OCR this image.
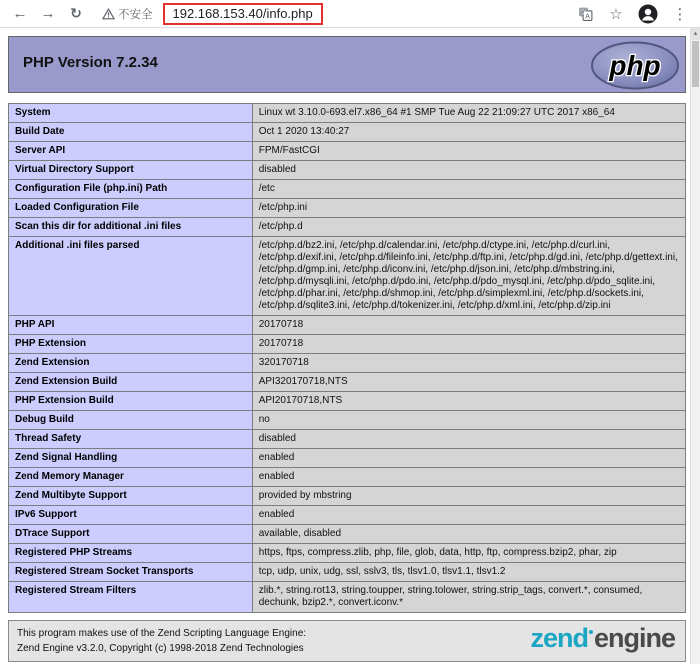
← →	↻	不安全	192.168.153.40/info.php	A
文	☆	⋮
▲
PHP Version 7.2.34	php
System	Linux wt 3.10.0-693.el7.x86_64 #1 SMP Tue Aug 22 21:09:27 UTC 2017 x86_64
Build Date	Oct 1 2020 13:40:27
Server API	FPM/FastCGI
Virtual Directory Support	disabled
Configuration File (php.ini) Path	/etc
Loaded Configuration File	/etc/php.ini
Scan this dir for additional .ini files	/etc/php.d
Additional .ini files parsed	/etc/php.d/bz2.ini, /etc/php.d/calendar.ini, /etc/php.d/ctype.ini, /etc/php.d/curl.ini, /etc/php.d/exif.ini, /etc/php.d/fileinfo.ini, /etc/php.d/ftp.ini, /etc/php.d/gd.ini, /etc/php.d/gettext.ini, /etc/php.d/gmp.ini, /etc/php.d/iconv.ini, /etc/php.d/json.ini, /etc/php.d/mbstring.ini, /etc/php.d/mysqli.ini, /etc/php.d/pdo.ini, /etc/php.d/pdo_mysql.ini, /etc/php.d/pdo_sqlite.ini, /etc/php.d/phar.ini, /etc/php.d/shmop.ini, /etc/php.d/simplexml.ini, /etc/php.d/sockets.ini, /etc/php.d/sqlite3.ini, /etc/php.d/tokenizer.ini, /etc/php.d/xml.ini, /etc/php.d/zip.ini
PHP API	20170718
PHP Extension	20170718
Zend Extension	320170718
Zend Extension Build	API320170718,NTS
PHP Extension Build	API20170718,NTS
Debug Build	no
Thread Safety	disabled
Zend Signal Handling	enabled
Zend Memory Manager	enabled
Zend Multibyte Support	provided by mbstring
IPv6 Support	enabled
DTrace Support	available, disabled
Registered PHP Streams	https, ftps, compress.zlib, php, file, glob, data, http, ftp, compress.bzip2, phar, zip
Registered Stream Socket Transports	tcp, udp, unix, udg, ssl, sslv3, tls, tlsv1.0, tlsv1.1, tlsv1.2
Registered Stream Filters	zlib.*, string.rot13, string.toupper, string.tolower, string.strip_tags, convert.*, consumed, dechunk, bzip2.*, convert.iconv.*
This program makes use of the Zend Scripting Language Engine:
Zend Engine v3.2.0, Copyright (c) 1998-2018 Zend Technologies	zend engine
